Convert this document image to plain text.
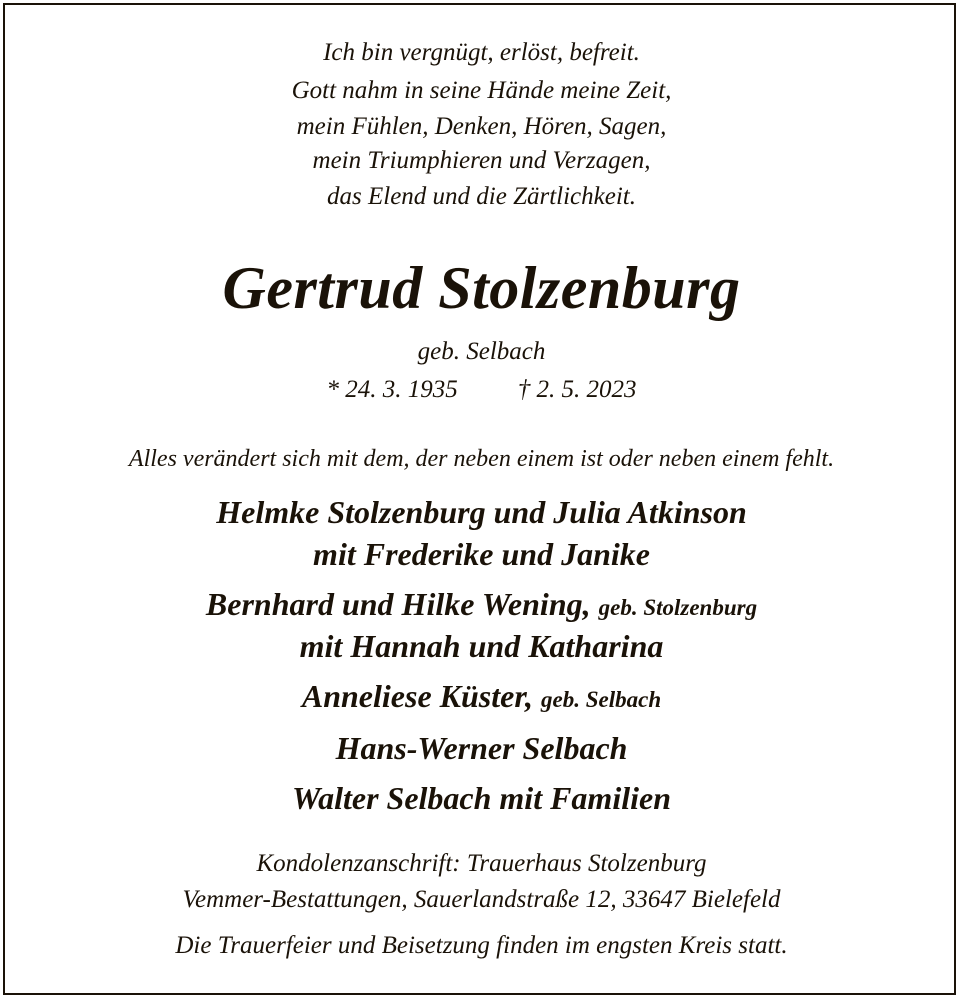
Ich bin vergnügt, erlöst, befreit.
Gott nahm in seine Hände meine Zeit,
mein Fühlen, Denken, Hören, Sagen,
mein Triumphieren und Verzagen,
das Elend und die Zärtlichkeit.
Gertrud Stolzenburg
geb. Selbach
* 24. 3. 1935 † 2. 5. 2023
Alles verändert sich mit dem, der neben einem ist oder neben einem fehlt.
Helmke Stolzenburg und Julia Atkinson
mit Frederike und Janike
Bernhard und Hilke Wening, geb. Stolzenburg
mit Hannah und Katharina
Anneliese Küster, geb. Selbach
Hans-Werner Selbach
Walter Selbach mit Familien
Kondolenzanschrift: Trauerhaus Stolzenburg
Vemmer-Bestattungen, Sauerlandstraße 12, 33647 Bielefeld
Die Trauerfeier und Beisetzung finden im engsten Kreis statt.
